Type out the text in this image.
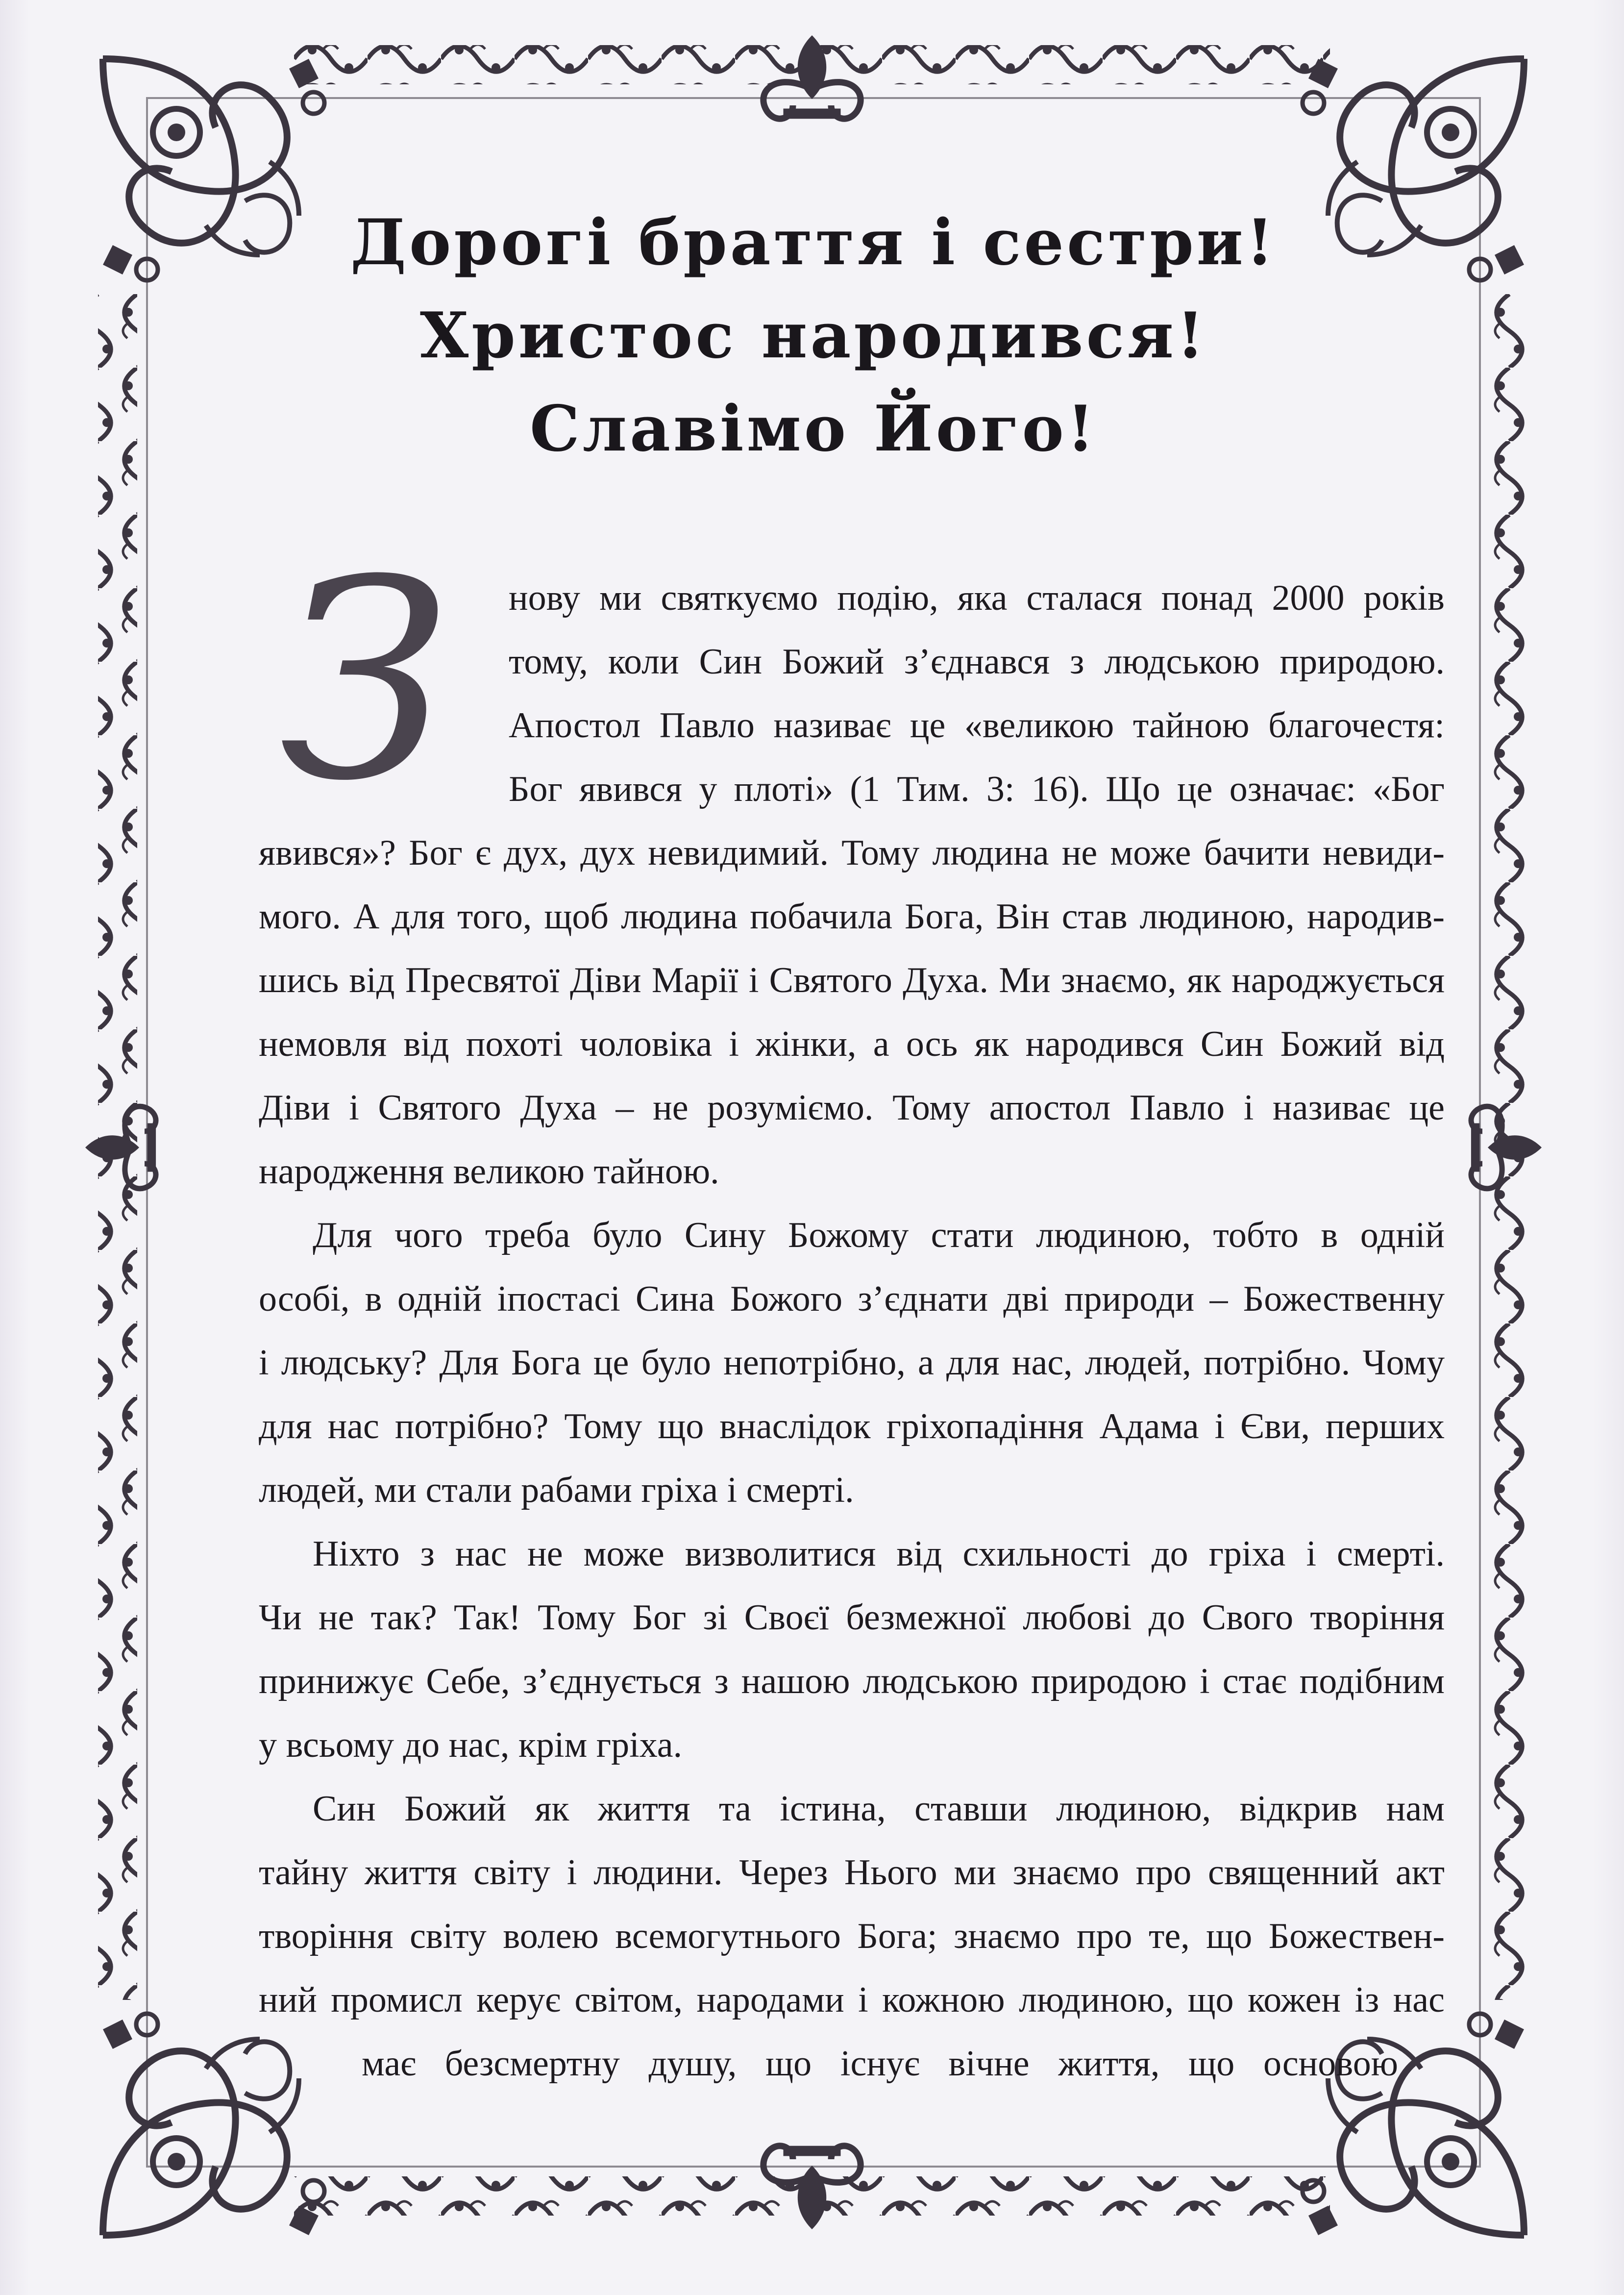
Дорогі браття і сестри!
Христос народився!
Славімо Його!
З	нову ми святкуємо подію, яка сталася понад 2000 років
тому, коли Син Божий з’єднався з людською природою.
Апостол Павло називає це «великою тайною благочестя:
Бог явився у плоті» (1 Тим. 3: 16). Що це означає: «Бог
явився»? Бог є дух, дух невидимий. Тому людина не може бачити невиди-
мого. А для того, щоб людина побачила Бога, Він став людиною, народив-
шись від Пресвятої Діви Марії і Святого Духа. Ми знаємо, як народжується
немовля від похоті чоловіка і жінки, а ось як народився Син Божий від
Діви і Святого Духа – не розуміємо. Тому апостол Павло і називає це
народження великою тайною.
Для чого треба було Сину Божому стати людиною, тобто в одній
особі, в одній іпостасі Сина Божого з’єднати дві природи – Божественну
і людську? Для Бога це було непотрібно, а для нас, людей, потрібно. Чому
для нас потрібно? Тому що внаслідок гріхопадіння Адама і Єви, перших
людей, ми стали рабами гріха і смерті.
Ніхто з нас не може визволитися від схильності до гріха і смерті.
Чи не так? Так! Тому Бог зі Своєї безмежної любові до Свого творіння
принижує Себе, з’єднується з нашою людською природою і стає подібним
у всьому до нас, крім гріха.
Син Божий як життя та істина, ставши людиною, відкрив нам
тайну життя світу і людини. Через Нього ми знаємо про священний акт
творіння світу волею всемогутнього Бога; знаємо про те, що Божествен-
ний промисл керує світом, народами і кожною людиною, що кожен із нас
має безсмертну душу, що існує вічне життя, що основою
